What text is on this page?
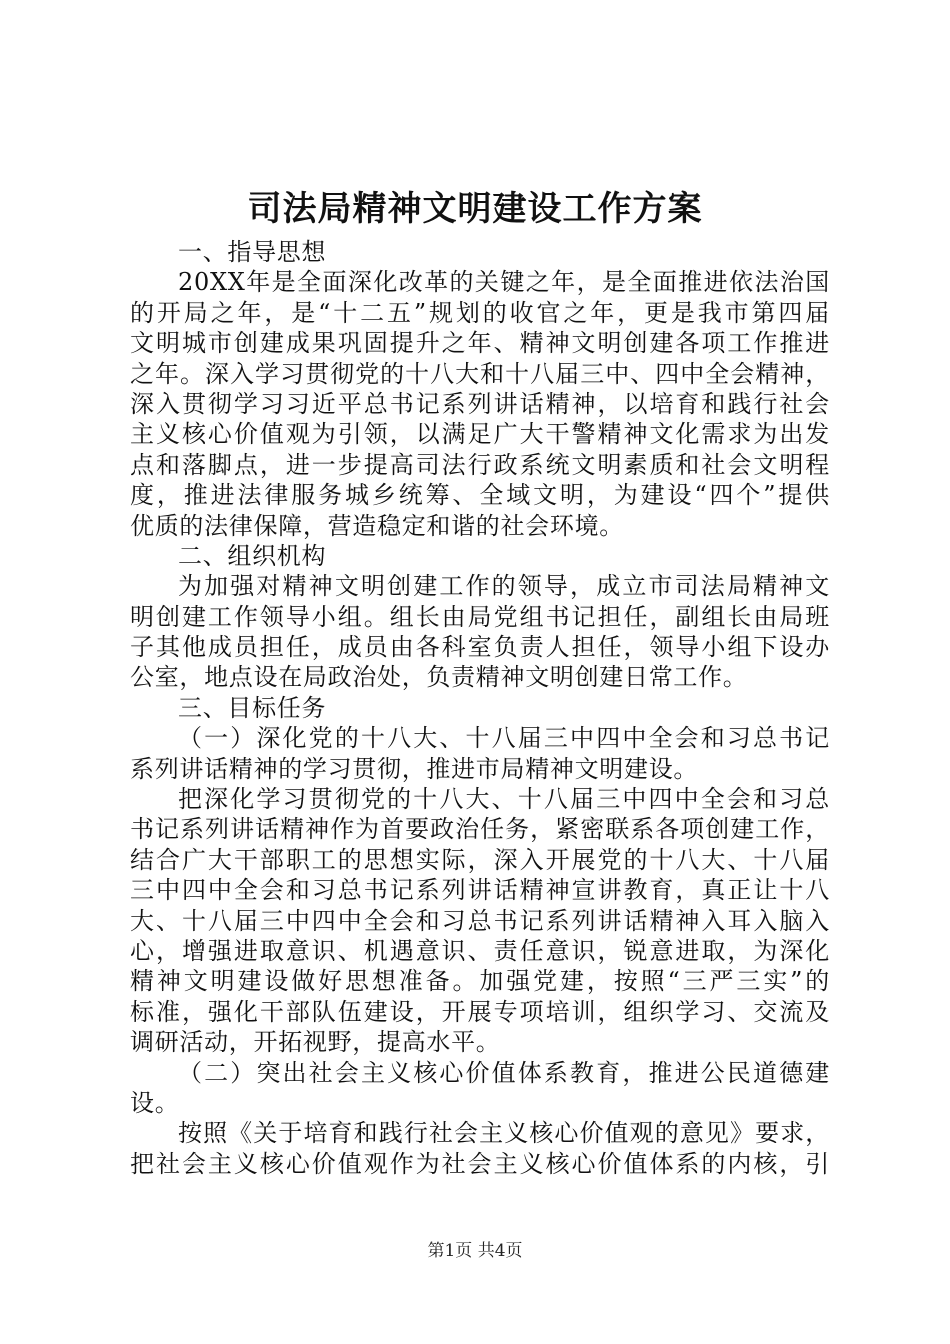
司法局精神文明建设工作方案
一、指导思想
20XX年是全面深化改革的关键之年，是全面推进依法治国
的开局之年，是“十二五”规划的收官之年，更是我市第四届
文明城市创建成果巩固提升之年、精神文明创建各项工作推进
之年。深入学习贯彻党的十八大和十八届三中、四中全会精神，
深入贯彻学习习近平总书记系列讲话精神，以培育和践行社会
主义核心价值观为引领，以满足广大干警精神文化需求为出发
点和落脚点，进一步提高司法行政系统文明素质和社会文明程
度，推进法律服务城乡统筹、全域文明，为建设“四个”提供
优质的法律保障，营造稳定和谐的社会环境。
二、组织机构
为加强对精神文明创建工作的领导，成立市司法局精神文
明创建工作领导小组。组长由局党组书记担任，副组长由局班
子其他成员担任，成员由各科室负责人担任，领导小组下设办
公室，地点设在局政治处，负责精神文明创建日常工作。
三、目标任务
（一）深化党的十八大、十八届三中四中全会和习总书记
系列讲话精神的学习贯彻，推进市局精神文明建设。
把深化学习贯彻党的十八大、十八届三中四中全会和习总
书记系列讲话精神作为首要政治任务，紧密联系各项创建工作，
结合广大干部职工的思想实际，深入开展党的十八大、十八届
三中四中全会和习总书记系列讲话精神宣讲教育，真正让十八
大、十八届三中四中全会和习总书记系列讲话精神入耳入脑入
心，增强进取意识、机遇意识、责任意识，锐意进取，为深化
精神文明建设做好思想准备。加强党建，按照“三严三实”的
标准，强化干部队伍建设，开展专项培训，组织学习、交流及
调研活动，开拓视野，提高水平。
（二）突出社会主义核心价值体系教育，推进公民道德建
设。
按照《关于培育和践行社会主义核心价值观的意见》要求，
把社会主义核心价值观作为社会主义核心价值体系的内核，引
第1页 共4页
